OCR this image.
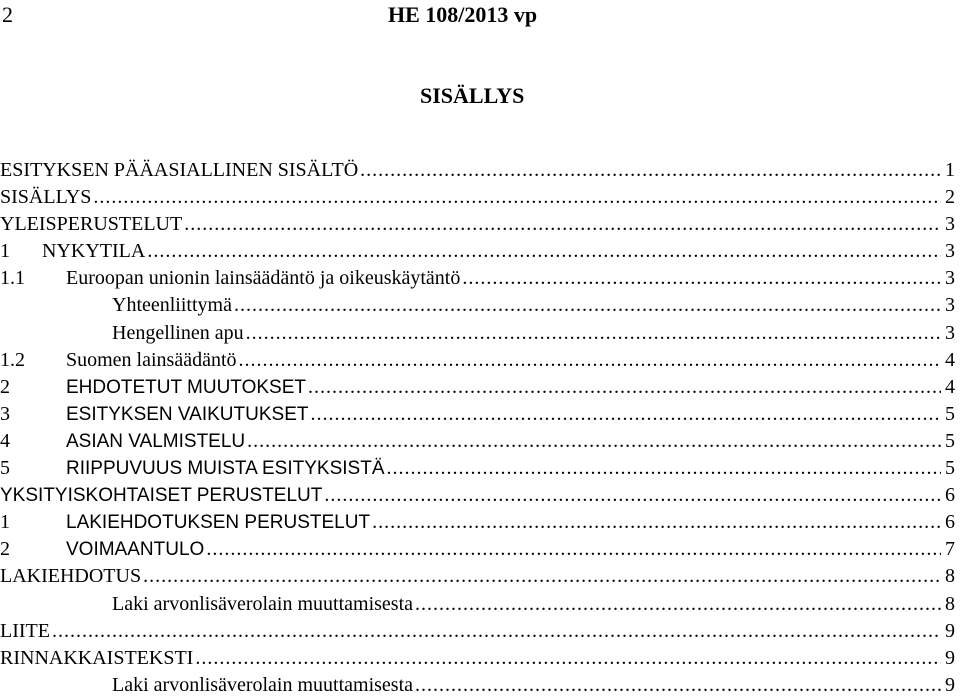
2	HE 108/2013 vp
SISÄLLYS
ESITYKSEN PÄÄASIALLINEN SISÄLTÖ .....	1
SISÄLLYS .....	2
YLEISPERUSTELUT .....	3
1	NYKYTILA .....	3
1.1	Euroopan unionin lainsäädäntö ja oikeuskäytäntö .....	3
Yhteenliittymä .....	3
Hengellinen apu .....	3
1.2	Suomen lainsäädäntö .....	4
2	EHDOTETUT MUUTOKSET .....	4
3	ESITYKSEN VAIKUTUKSET .....	5
4	ASIAN VALMISTELU .....	5
5	RIIPPUVUUS MUISTA ESITYKSISTÄ .....	5
YKSITYISKOHTAISET PERUSTELUT .....	6
1	LAKIEHDOTUKSEN PERUSTELUT .....	6
2	VOIMAANTULO .....	7
LAKIEHDOTUS .....	8
Laki arvonlisäverolain muuttamisesta .....	8
LIITE .....	9
RINNAKKAISTEKSTI .....	9
Laki arvonlisäverolain muuttamisesta .....	9
